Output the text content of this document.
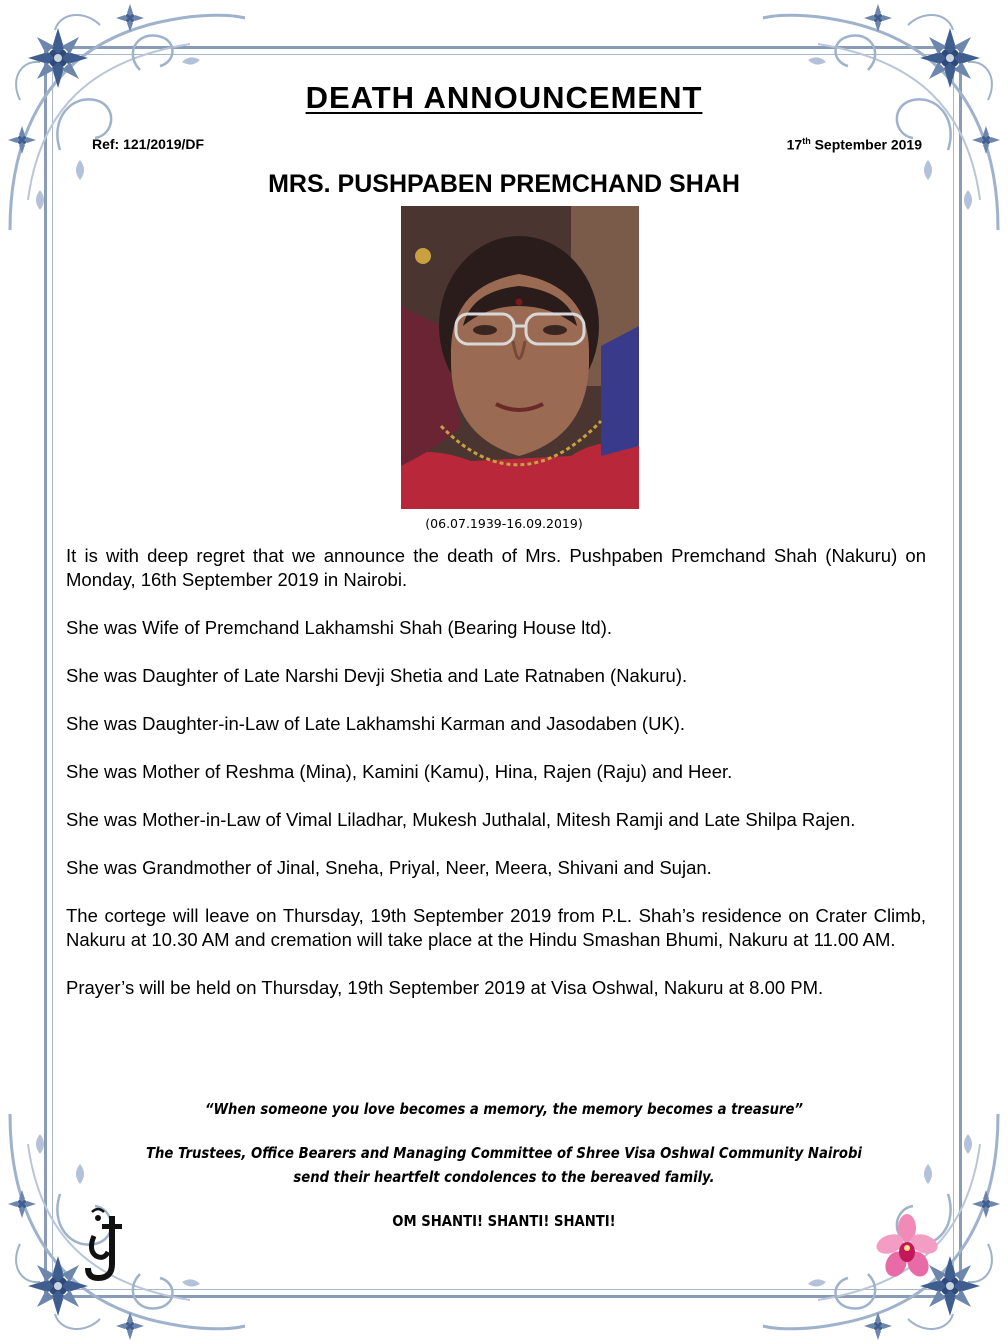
DEATH ANNOUNCEMENT
Ref: 121/2019/DF	17th September 2019
MRS. PUSHPABEN PREMCHAND SHAH
(06.07.1939-16.09.2019)

It is with deep regret that we announce the death of Mrs. Pushpaben Premchand Shah (Nakuru) on Monday, 16th September 2019 in Nairobi.

She was Wife of Premchand Lakhamshi Shah (Bearing House ltd).

She was Daughter of Late Narshi Devji Shetia and Late Ratnaben (Nakuru).

She was Daughter-in-Law of Late Lakhamshi Karman and Jasodaben (UK).

She was Mother of Reshma (Mina), Kamini (Kamu), Hina, Rajen (Raju) and Heer.

She was Mother-in-Law of Vimal Liladhar, Mukesh Juthalal, Mitesh Ramji and Late Shilpa Rajen.

She was Grandmother of Jinal, Sneha, Priyal, Neer, Meera, Shivani and Sujan.

The cortege will leave on Thursday, 19th September 2019 from P.L. Shah’s residence on Crater Climb, Nakuru at 10.30 AM and cremation will take place at the Hindu Smashan Bhumi, Nakuru at 11.00 AM.

Prayer’s will be held on Thursday, 19th September 2019 at Visa Oshwal, Nakuru at 8.00 PM.

“When someone you love becomes a memory, the memory becomes a treasure”
The Trustees, Office Bearers and Managing Committee of Shree Visa Oshwal Community Nairobi
send their heartfelt condolences to the bereaved family.
OM SHANTI! SHANTI! SHANTI!
